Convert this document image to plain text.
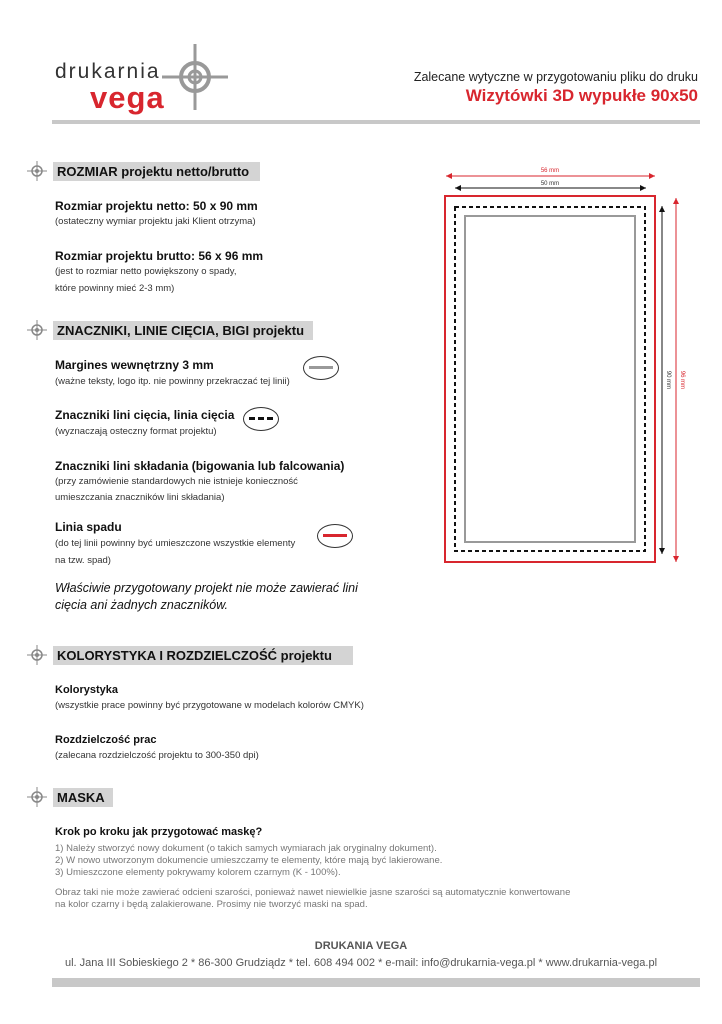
drukarnia
vega
Zalecane wytyczne w przygotowaniu pliku do druku
Wizytówki 3D wypukłe 90x50
ROZMIAR projektu netto/brutto
Rozmiar projektu netto: 50 x 90 mm
(ostateczny wymiar projektu jaki Klient otrzyma)
Rozmiar projektu brutto: 56 x 96 mm
(jest to rozmiar netto powiększony o spady,
które powinny mieć 2-3 mm)
ZNACZNIKI, LINIE CIĘCIA, BIGI projektu
Margines wewnętrzny 3 mm
(ważne teksty, logo itp. nie powinny przekraczać tej linii)
Znaczniki lini cięcia, linia cięcia
(wyznaczają osteczny format projektu)
Znaczniki lini składania (bigowania lub falcowania)
(przy zamówienie standardowych nie istnieje konieczność
umieszczania znaczników lini składania)
Linia spadu
(do tej linii powinny być umieszczone wszystkie elementy
na tzw. spad)
Właściwie przygotowany projekt nie może zawierać lini
cięcia ani żadnych znaczników.
KOLORYSTYKA I ROZDZIELCZOŚĆ projektu
Kolorystyka
(wszystkie prace powinny być przygotowane w modelach kolorów CMYK)
Rozdzielczość prac
(zalecana rozdzielczość projektu to 300-350 dpi)
MASKA
Krok po kroku jak przygotować maskę?
1) Należy stworzyć nowy dokument (o takich samych wymiarach jak oryginalny dokument).
2) W nowo utworzonym dokumencie umieszczamy te elementy, które mają być lakierowane.
3) Umieszczone elementy pokrywamy kolorem czarnym (K - 100%).
Obraz taki nie może zawierać odcieni szarości, ponieważ nawet niewielkie jasne szarości są automatycznie konwertowane
na kolor czarny i będą zalakierowane. Prosimy nie tworzyć maski na spad.
56 mm
50 mm
96 mm
90 mm
DRUKANIA VEGA
ul. Jana III Sobieskiego 2 * 86-300 Grudziądz * tel. 608 494 002 * e-mail: info@drukarnia-vega.pl * www.drukarnia-vega.pl
